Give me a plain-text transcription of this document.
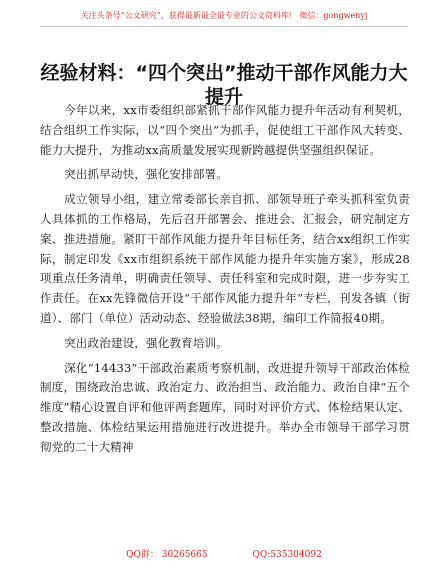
关注头条号“公文研究”，获得最新最全最专业的公文资料库！ 微信：gongwenyj
经验材料：“四个突出”推动干部作风能力大提升

今年以来，xx市委组织部紧抓干部作风能力提升年活动有利契机，结合组织工作实际，以“四个突出”为抓手，促使组工干部作风大转变、能力大提升，为推动xx高质量发展实现新跨越提供坚强组织保证。

突出抓早动快，强化安排部署。

成立领导小组，建立常委部长亲自抓、部领导班子牵头抓科室负责人具体抓的工作格局，先后召开部署会、推进会、汇报会，研究制定方案、推进措施。紧盯干部作风能力提升年目标任务，结合xx组织工作实际，制定印发《xx市组织系统干部作风能力提升年实施方案》，形成28项重点任务清单，明确责任领导、责任科室和完成时限，进一步夯实工作责任。在xx先锋微信开设“干部作风能力提升年”专栏，刊发各镇（街道）、部门（单位）活动动态、经验做法38期，编印工作简报40期。

突出政治建设，强化教育培训。

深化“14433”干部政治素质考察机制，改进提升领导干部政治体检制度，围绕政治忠诚、政治定力、政治担当、政治能力、政治自律“五个维度”精心设置自评和他评两套题库，同时对评价方式、体检结果认定、整改措施、体检结果运用措施进行改进提升。举办全市领导干部学习贯彻党的二十大精神

QQ群： 30265665	QQ:535304092
